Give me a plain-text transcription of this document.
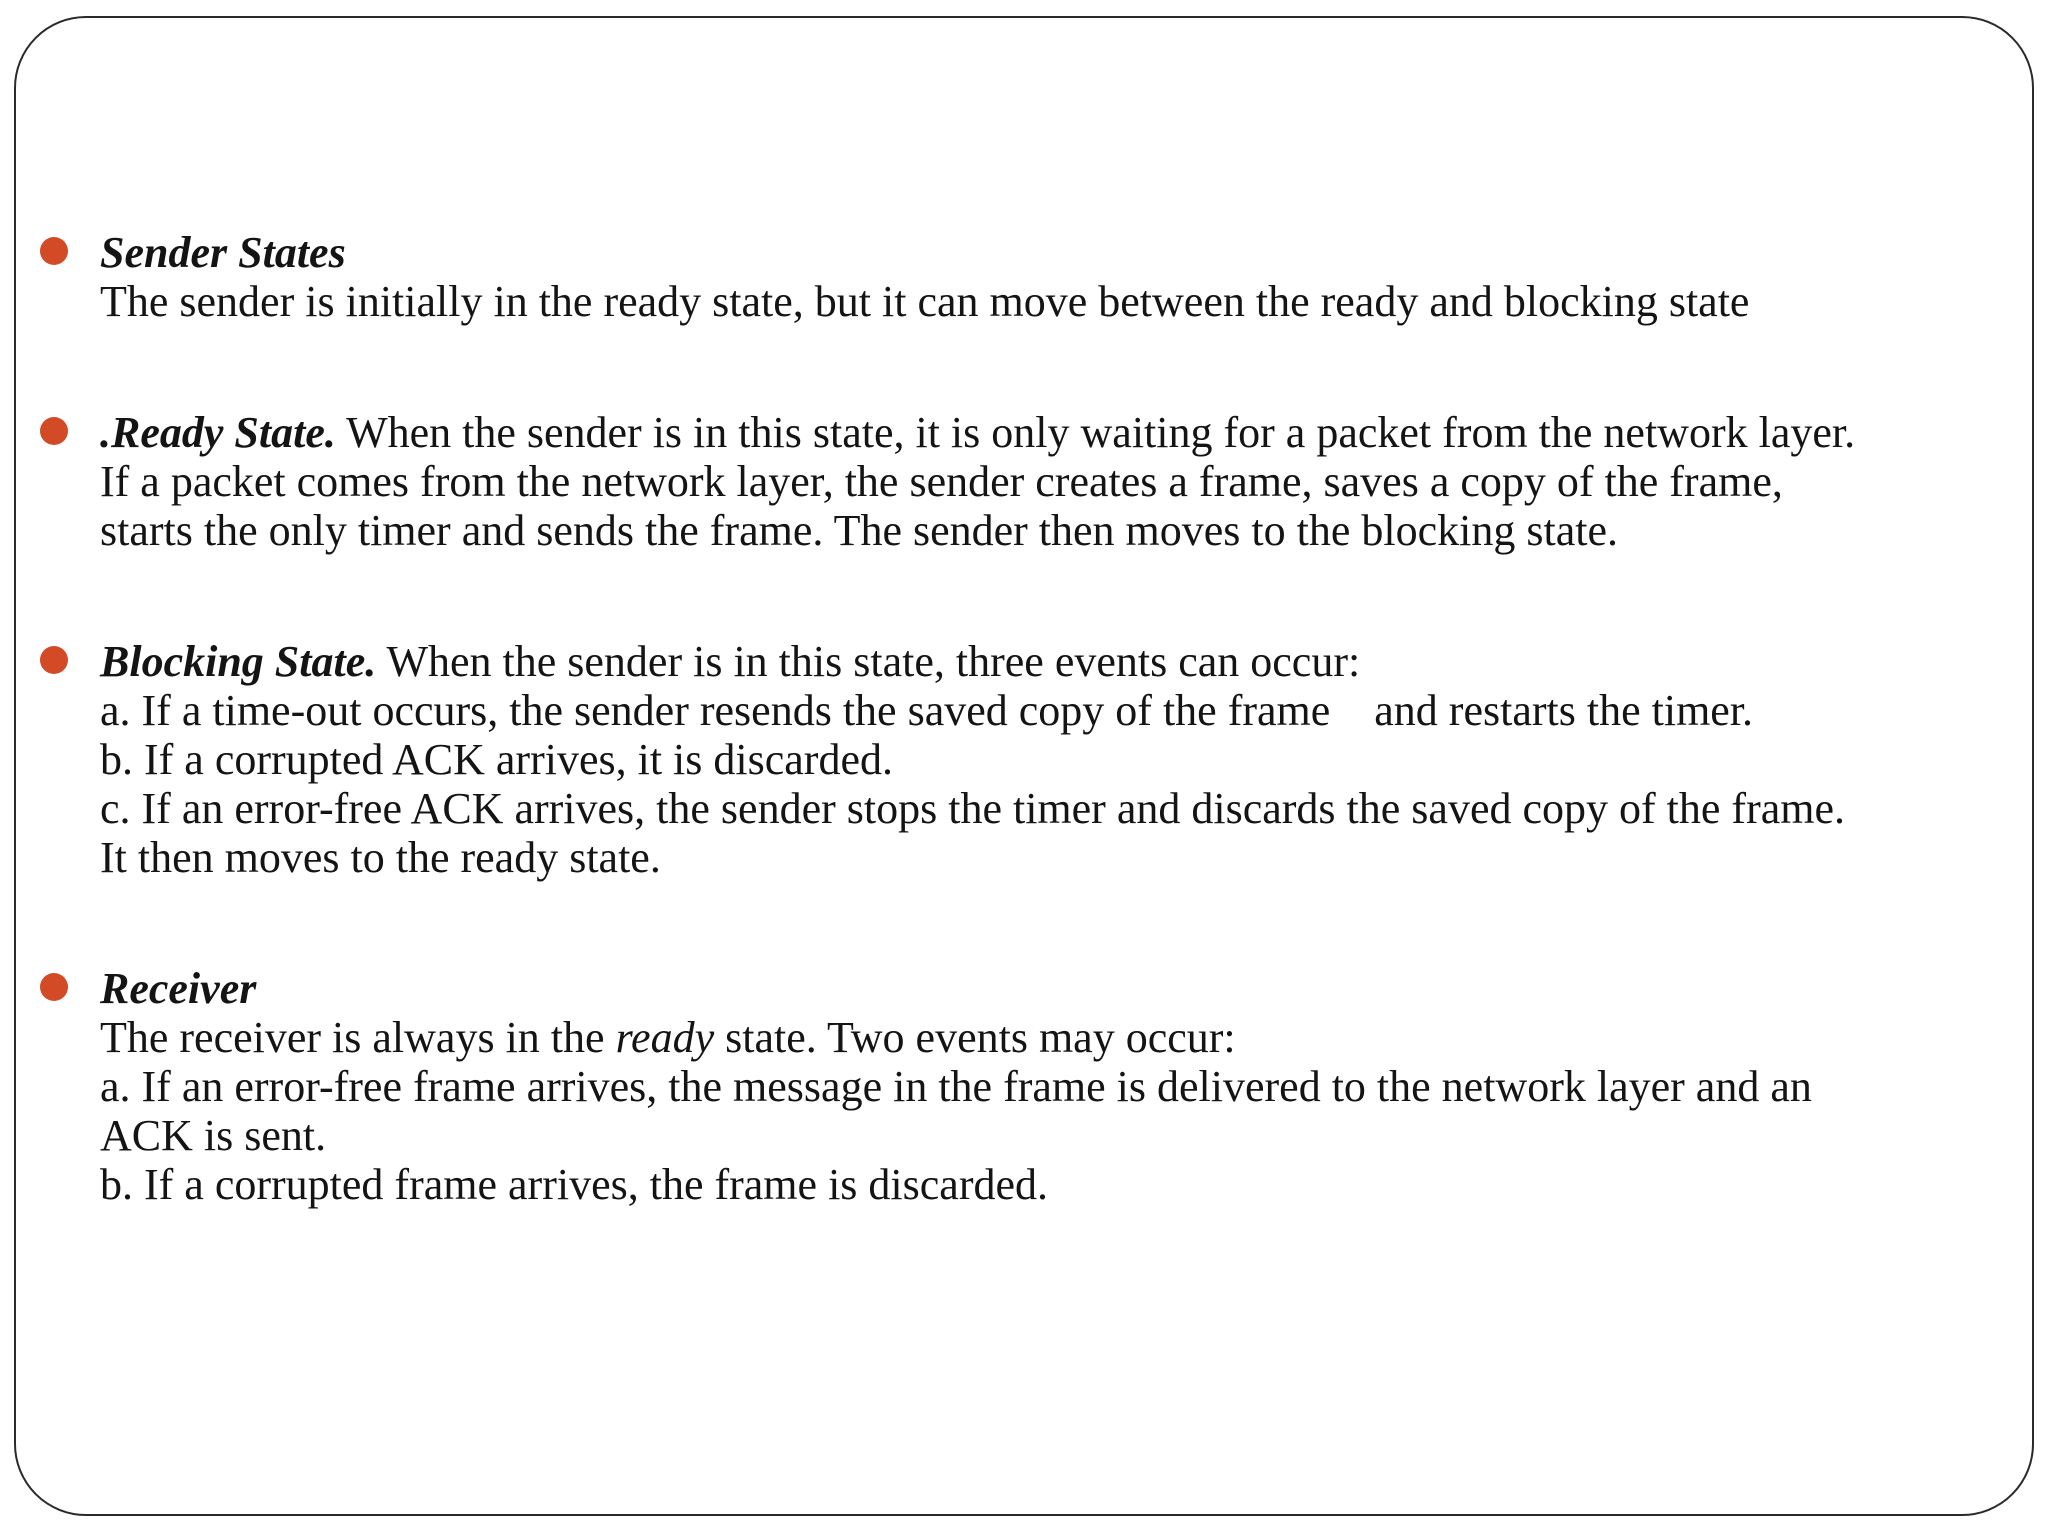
Sender States
The sender is initially in the ready state, but it can move between the ready and blocking state
.Ready State. When the sender is in this state, it is only waiting for a packet from the network layer.
If a packet comes from the network layer, the sender creates a frame, saves a copy of the frame,
starts the only timer and sends the frame. The sender then moves to the blocking state.
Blocking State. When the sender is in this state, three events can occur:
a. If a time-out occurs, the sender resends the saved copy of the frame    and restarts the timer.
b. If a corrupted ACK arrives, it is discarded.
c. If an error-free ACK arrives, the sender stops the timer and discards the saved copy of the frame.
It then moves to the ready state.
Receiver
The receiver is always in the ready state. Two events may occur:
a. If an error-free frame arrives, the message in the frame is delivered to the network layer and an
ACK is sent.
b. If a corrupted frame arrives, the frame is discarded.
